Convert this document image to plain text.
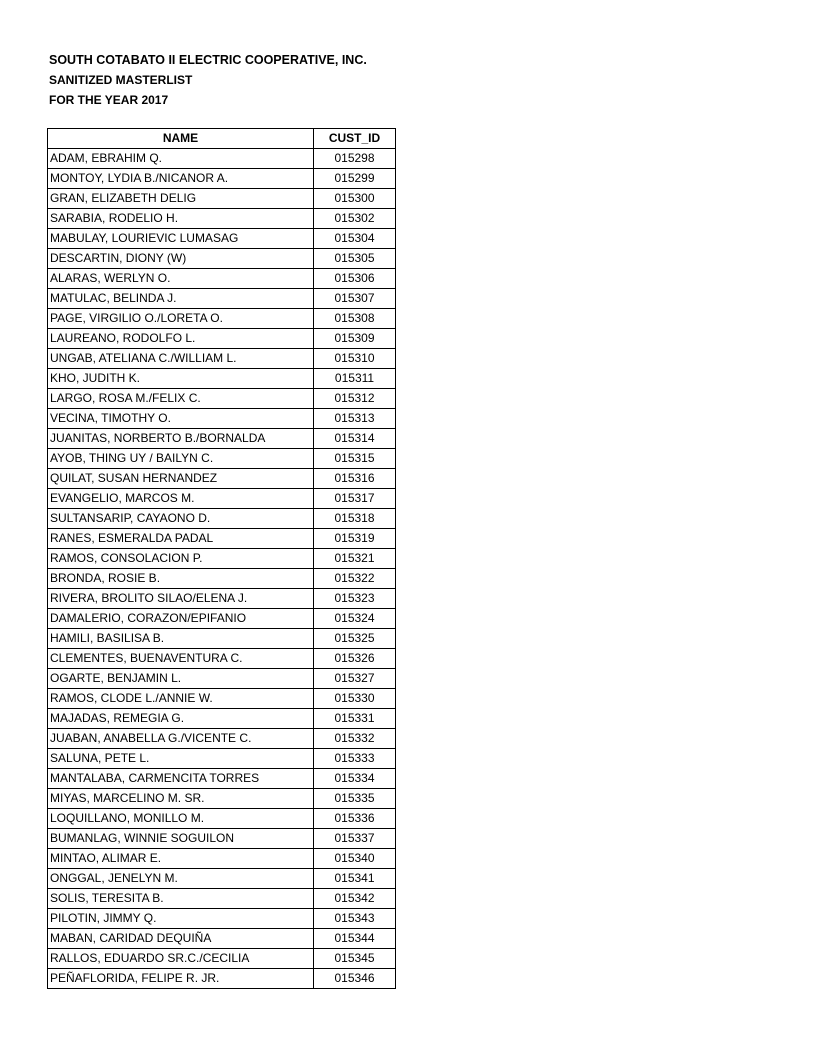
SOUTH COTABATO II ELECTRIC COOPERATIVE, INC.
SANITIZED MASTERLIST
FOR THE YEAR 2017
NAME	CUST_ID
ADAM, EBRAHIM Q.	015298
MONTOY, LYDIA B./NICANOR A.	015299
GRAN, ELIZABETH DELIG	015300
SARABIA, RODELIO H.	015302
MABULAY, LOURIEVIC LUMASAG	015304
DESCARTIN, DIONY (W)	015305
ALARAS, WERLYN O.	015306
MATULAC, BELINDA J.	015307
PAGE, VIRGILIO O./LORETA O.	015308
LAUREANO, RODOLFO L.	015309
UNGAB, ATELIANA C./WILLIAM L.	015310
KHO, JUDITH K.	015311
LARGO, ROSA M./FELIX C.	015312
VECINA, TIMOTHY O.	015313
JUANITAS, NORBERTO B./BORNALDA	015314
AYOB, THING UY / BAILYN C.	015315
QUILAT, SUSAN HERNANDEZ	015316
EVANGELIO, MARCOS M.	015317
SULTANSARIP, CAYAONO D.	015318
RANES, ESMERALDA PADAL	015319
RAMOS, CONSOLACION P.	015321
BRONDA, ROSIE B.	015322
RIVERA, BROLITO SILAO/ELENA J.	015323
DAMALERIO, CORAZON/EPIFANIO	015324
HAMILI, BASILISA B.	015325
CLEMENTES, BUENAVENTURA C.	015326
OGARTE, BENJAMIN L.	015327
RAMOS, CLODE L./ANNIE W.	015330
MAJADAS, REMEGIA G.	015331
JUABAN, ANABELLA G./VICENTE C.	015332
SALUNA, PETE L.	015333
MANTALABA, CARMENCITA TORRES	015334
MIYAS, MARCELINO M. SR.	015335
LOQUILLANO, MONILLO M.	015336
BUMANLAG, WINNIE SOGUILON	015337
MINTAO, ALIMAR E.	015340
ONGGAL, JENELYN M.	015341
SOLIS, TERESITA B.	015342
PILOTIN, JIMMY Q.	015343
MABAN, CARIDAD DEQUIÑA	015344
RALLOS, EDUARDO SR.C./CECILIA	015345
PEÑAFLORIDA, FELIPE R. JR.	015346
